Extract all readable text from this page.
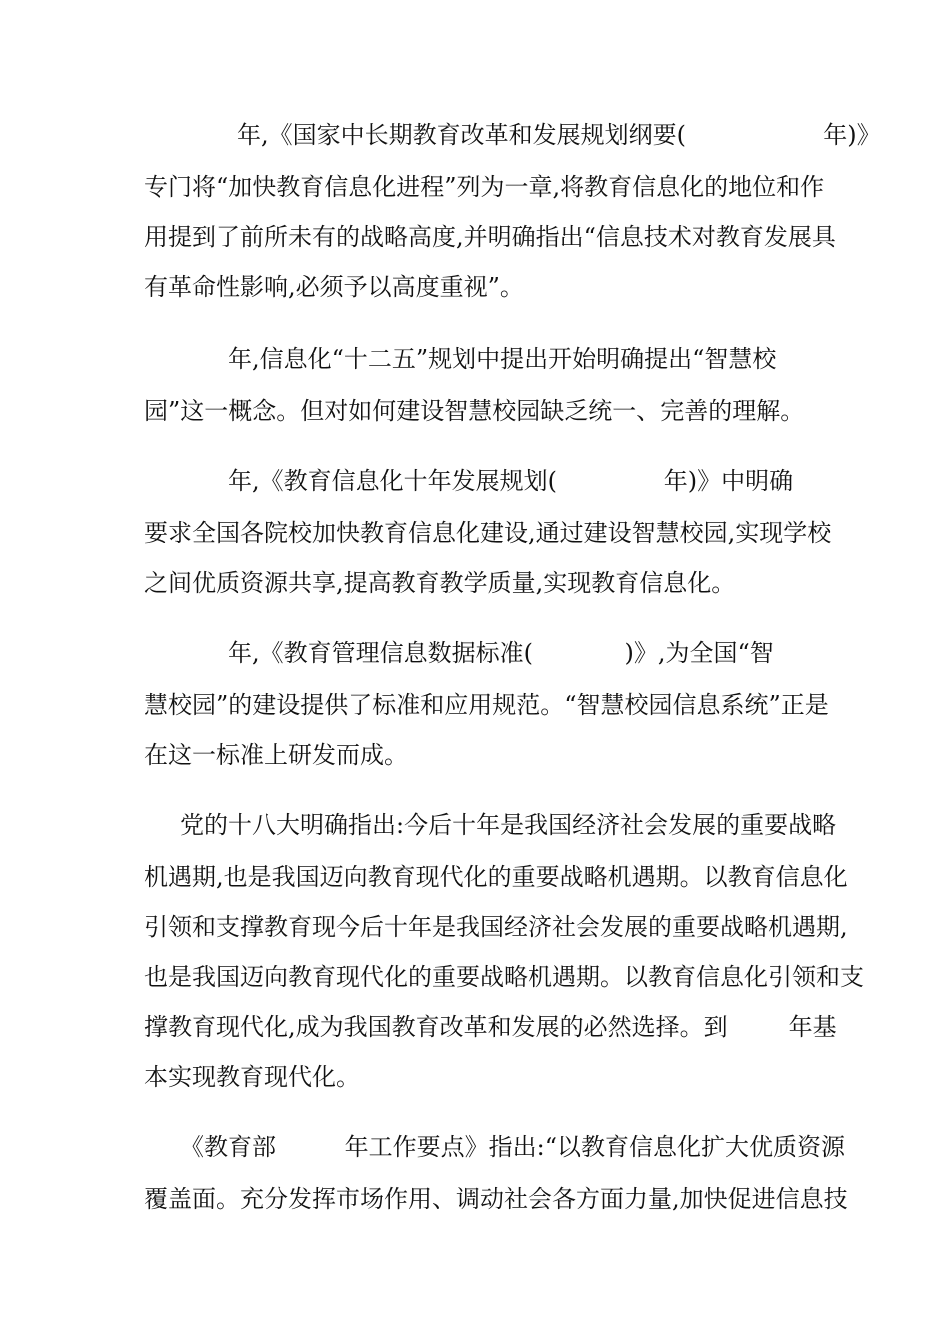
年,《国家中长期教育改革和发展规划纲要(                  年)》
专门将“加快教育信息化进程”列为一章,将教育信息化的地位和作
用提到了前所未有的战略高度,并明确指出“信息技术对教育发展具
有革命性影响,必须予以高度重视”。
年,信息化“十二五”规划中提出开始明确提出“智慧校
园”这一概念。但对如何建设智慧校园缺乏统一、完善的理解。
年,《教育信息化十年发展规划(              年)》中明确
要求全国各院校加快教育信息化建设,通过建设智慧校园,实现学校
之间优质资源共享,提高教育教学质量,实现教育信息化。
年,《教育管理信息数据标准(            )》,为全国“智
慧校园”的建设提供了标准和应用规范。“智慧校园信息系统”正是
在这一标准上研发而成。
党的十八大明确指出:今后十年是我国经济社会发展的重要战略
机遇期,也是我国迈向教育现代化的重要战略机遇期。以教育信息化
引领和支撑教育现今后十年是我国经济社会发展的重要战略机遇期,
也是我国迈向教育现代化的重要战略机遇期。以教育信息化引领和支
撑教育现代化,成为我国教育改革和发展的必然选择。到        年基
本实现教育现代化。
《教育部         年工作要点》指出:“以教育信息化扩大优质资源
覆盖面。充分发挥市场作用、调动社会各方面力量,加快促进信息技
